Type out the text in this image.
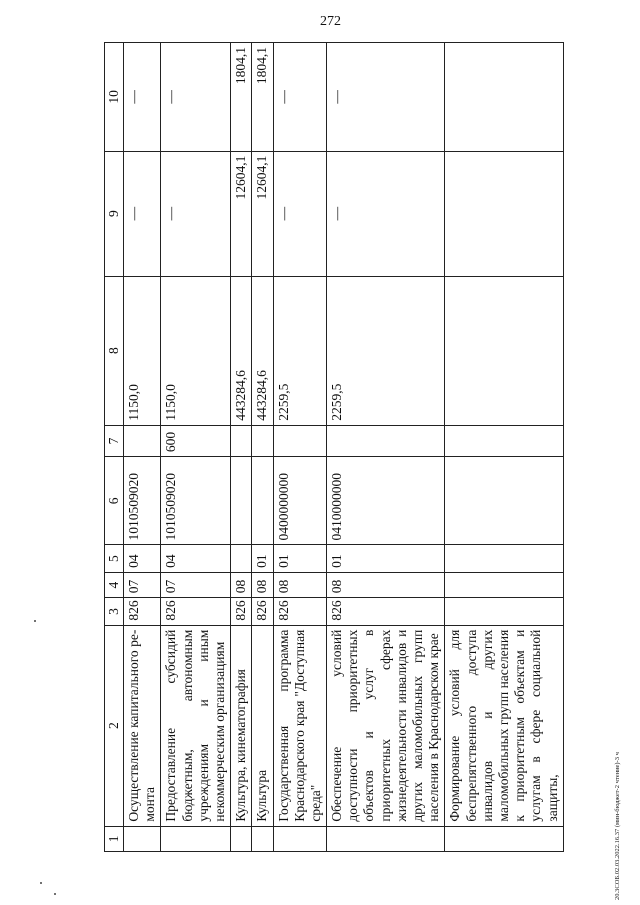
272
1	2	3	4	5	6	7	8	9	10
	Осуществление капитального ремонта	826	07	04	1010509020		1150,0	—	—
	Предоставление субсидий бюджетным, автономным учреждениям и иным некоммерческим организациям	826	07	04	1010509020	600	1150,0	—	—
	Культура, кинематография	826	08				443284,6	12604,1	1804,1
	Культура	826	08	01			443284,6	12604,1	1804,1
	Государственная программа Краснодарского края "Доступная среда"	826	08	01	0400000000		2259,5	—	—
	Обеспечение условий доступности приоритетных объектов и услуг в приоритетных сферах жизнедеятельности инвалидов и других маломобильных групп населения в Краснодарском крае	826	08	01	0410000000		2259,5	—	—
	Формирование условий для беспрепятственного доступа инвалидов и других маломобильных групп населения к приоритетным объектам и услугам в сфере социальной защиты,									20.3СОБ.02.03.2022.16.37 (мин-бюджет-2 чтение)-3 ч
